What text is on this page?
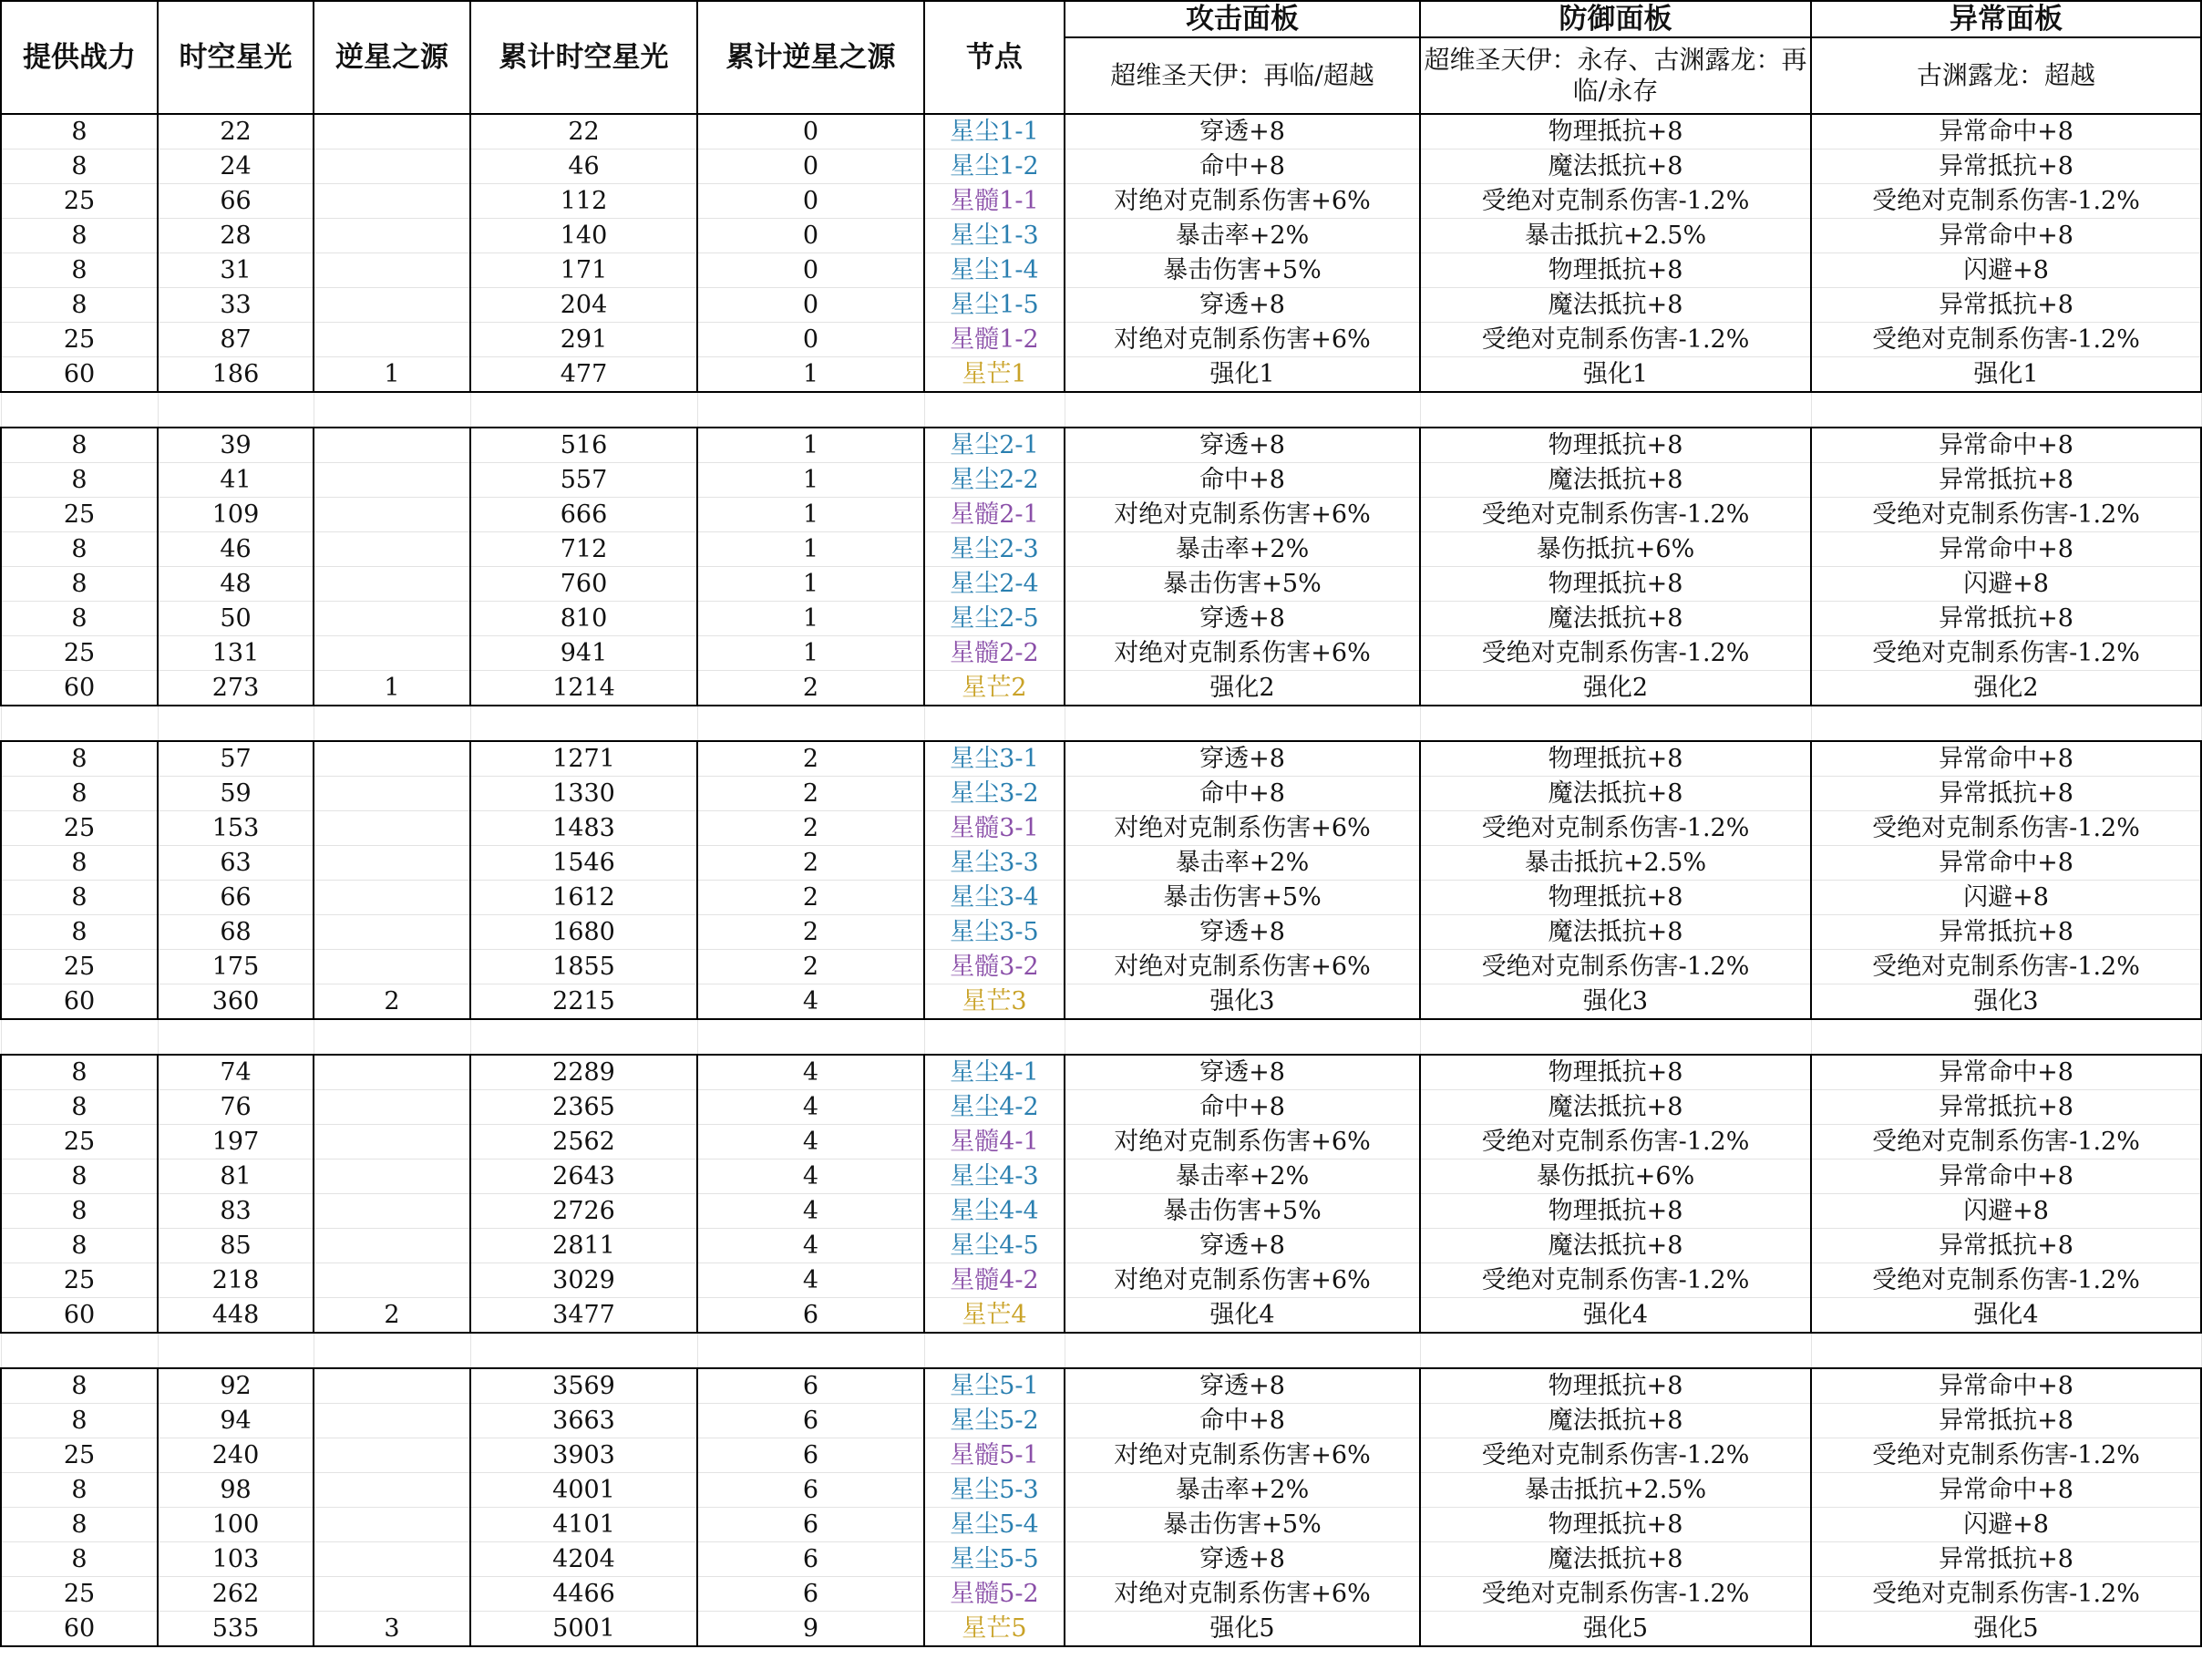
提供战力	时空星光	逆星之源	累计时空星光	累计逆星之源	节点	攻击面板	防御面板	异常面板
						超维圣天伊：再临/超越	超维圣天伊：永存、古渊露龙：再临/永存	古渊露龙：超越
8	22		22	0	星尘1-1	穿透+8	物理抵抗+8	异常命中+8
8	24		46	0	星尘1-2	命中+8	魔法抵抗+8	异常抵抗+8
25	66		112	0	星髓1-1	对绝对克制系伤害+6%	受绝对克制系伤害-1.2%	受绝对克制系伤害-1.2%
8	28		140	0	星尘1-3	暴击率+2%	暴击抵抗+2.5%	异常命中+8
8	31		171	0	星尘1-4	暴击伤害+5%	物理抵抗+8	闪避+8
8	33		204	0	星尘1-5	穿透+8	魔法抵抗+8	异常抵抗+8
25	87		291	0	星髓1-2	对绝对克制系伤害+6%	受绝对克制系伤害-1.2%	受绝对克制系伤害-1.2%
60	186	1	477	1	星芒1	强化1	强化1	强化1

8	39		516	1	星尘2-1	穿透+8	物理抵抗+8	异常命中+8
8	41		557	1	星尘2-2	命中+8	魔法抵抗+8	异常抵抗+8
25	109		666	1	星髓2-1	对绝对克制系伤害+6%	受绝对克制系伤害-1.2%	受绝对克制系伤害-1.2%
8	46		712	1	星尘2-3	暴击率+2%	暴伤抵抗+6%	异常命中+8
8	48		760	1	星尘2-4	暴击伤害+5%	物理抵抗+8	闪避+8
8	50		810	1	星尘2-5	穿透+8	魔法抵抗+8	异常抵抗+8
25	131		941	1	星髓2-2	对绝对克制系伤害+6%	受绝对克制系伤害-1.2%	受绝对克制系伤害-1.2%
60	273	1	1214	2	星芒2	强化2	强化2	强化2

8	57		1271	2	星尘3-1	穿透+8	物理抵抗+8	异常命中+8
8	59		1330	2	星尘3-2	命中+8	魔法抵抗+8	异常抵抗+8
25	153		1483	2	星髓3-1	对绝对克制系伤害+6%	受绝对克制系伤害-1.2%	受绝对克制系伤害-1.2%
8	63		1546	2	星尘3-3	暴击率+2%	暴击抵抗+2.5%	异常命中+8
8	66		1612	2	星尘3-4	暴击伤害+5%	物理抵抗+8	闪避+8
8	68		1680	2	星尘3-5	穿透+8	魔法抵抗+8	异常抵抗+8
25	175		1855	2	星髓3-2	对绝对克制系伤害+6%	受绝对克制系伤害-1.2%	受绝对克制系伤害-1.2%
60	360	2	2215	4	星芒3	强化3	强化3	强化3

8	74		2289	4	星尘4-1	穿透+8	物理抵抗+8	异常命中+8
8	76		2365	4	星尘4-2	命中+8	魔法抵抗+8	异常抵抗+8
25	197		2562	4	星髓4-1	对绝对克制系伤害+6%	受绝对克制系伤害-1.2%	受绝对克制系伤害-1.2%
8	81		2643	4	星尘4-3	暴击率+2%	暴伤抵抗+6%	异常命中+8
8	83		2726	4	星尘4-4	暴击伤害+5%	物理抵抗+8	闪避+8
8	85		2811	4	星尘4-5	穿透+8	魔法抵抗+8	异常抵抗+8
25	218		3029	4	星髓4-2	对绝对克制系伤害+6%	受绝对克制系伤害-1.2%	受绝对克制系伤害-1.2%
60	448	2	3477	6	星芒4	强化4	强化4	强化4

8	92		3569	6	星尘5-1	穿透+8	物理抵抗+8	异常命中+8
8	94		3663	6	星尘5-2	命中+8	魔法抵抗+8	异常抵抗+8
25	240		3903	6	星髓5-1	对绝对克制系伤害+6%	受绝对克制系伤害-1.2%	受绝对克制系伤害-1.2%
8	98		4001	6	星尘5-3	暴击率+2%	暴击抵抗+2.5%	异常命中+8
8	100		4101	6	星尘5-4	暴击伤害+5%	物理抵抗+8	闪避+8
8	103		4204	6	星尘5-5	穿透+8	魔法抵抗+8	异常抵抗+8
25	262		4466	6	星髓5-2	对绝对克制系伤害+6%	受绝对克制系伤害-1.2%	受绝对克制系伤害-1.2%
60	535	3	5001	9	星芒5	强化5	强化5	强化5
